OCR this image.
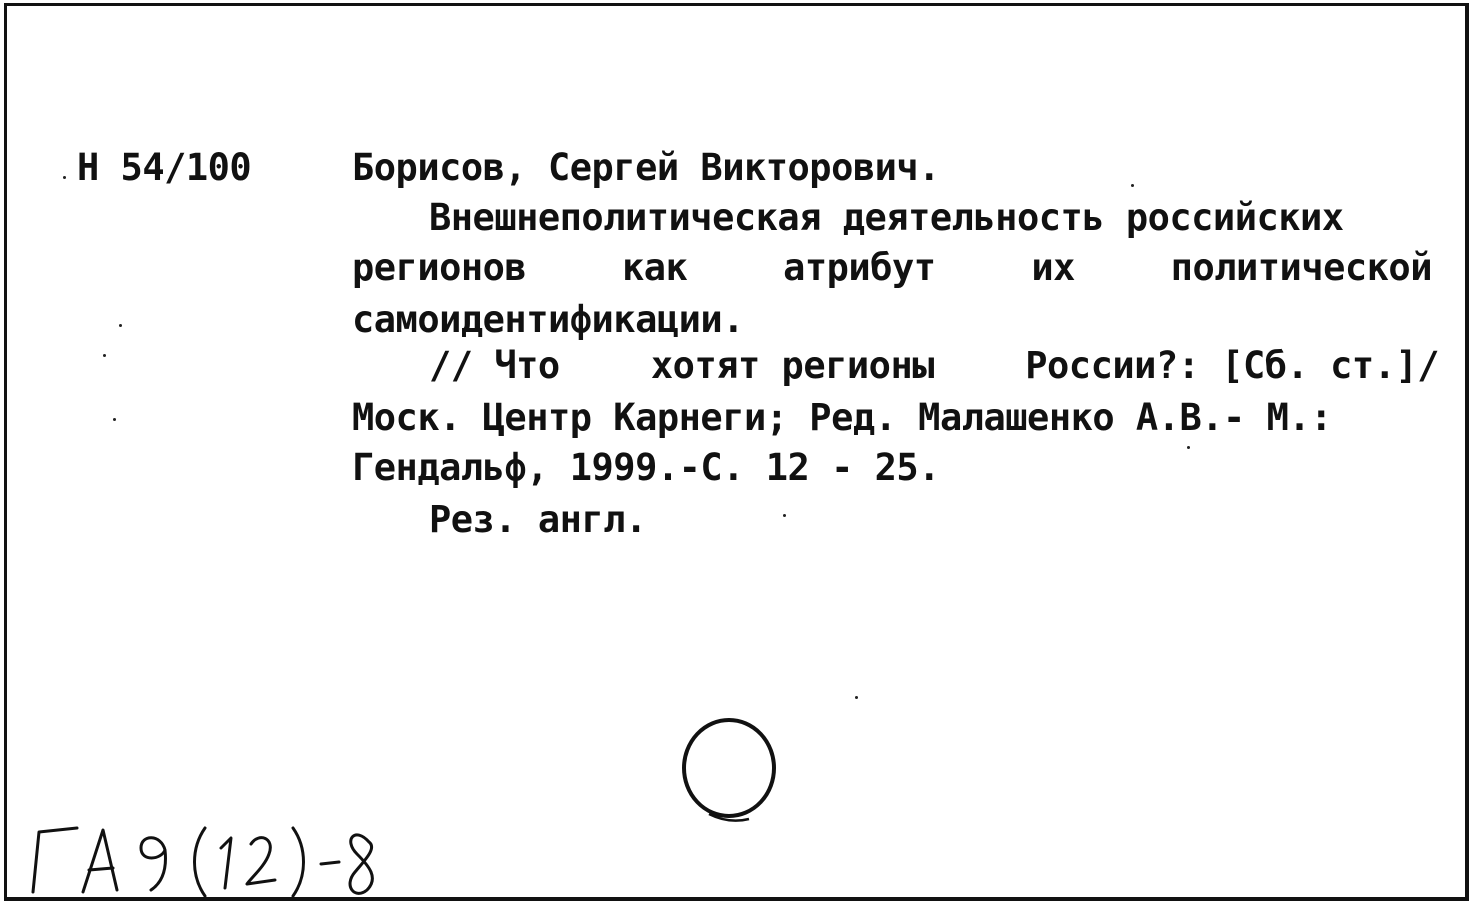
Н 54/100	Борисов, Сергей Викторович.
Внешнеполитическая деятельность российских
регионов	как	атрибут	их	политической
самоидентификации.
// Что хотят регионы России?: [Сб. ст.]/
Моск. Центр Карнеги; Ред. Малашенко А.В.- М.:
Гендальф, 1999.-С. 12 - 25.
Рез. англ.
